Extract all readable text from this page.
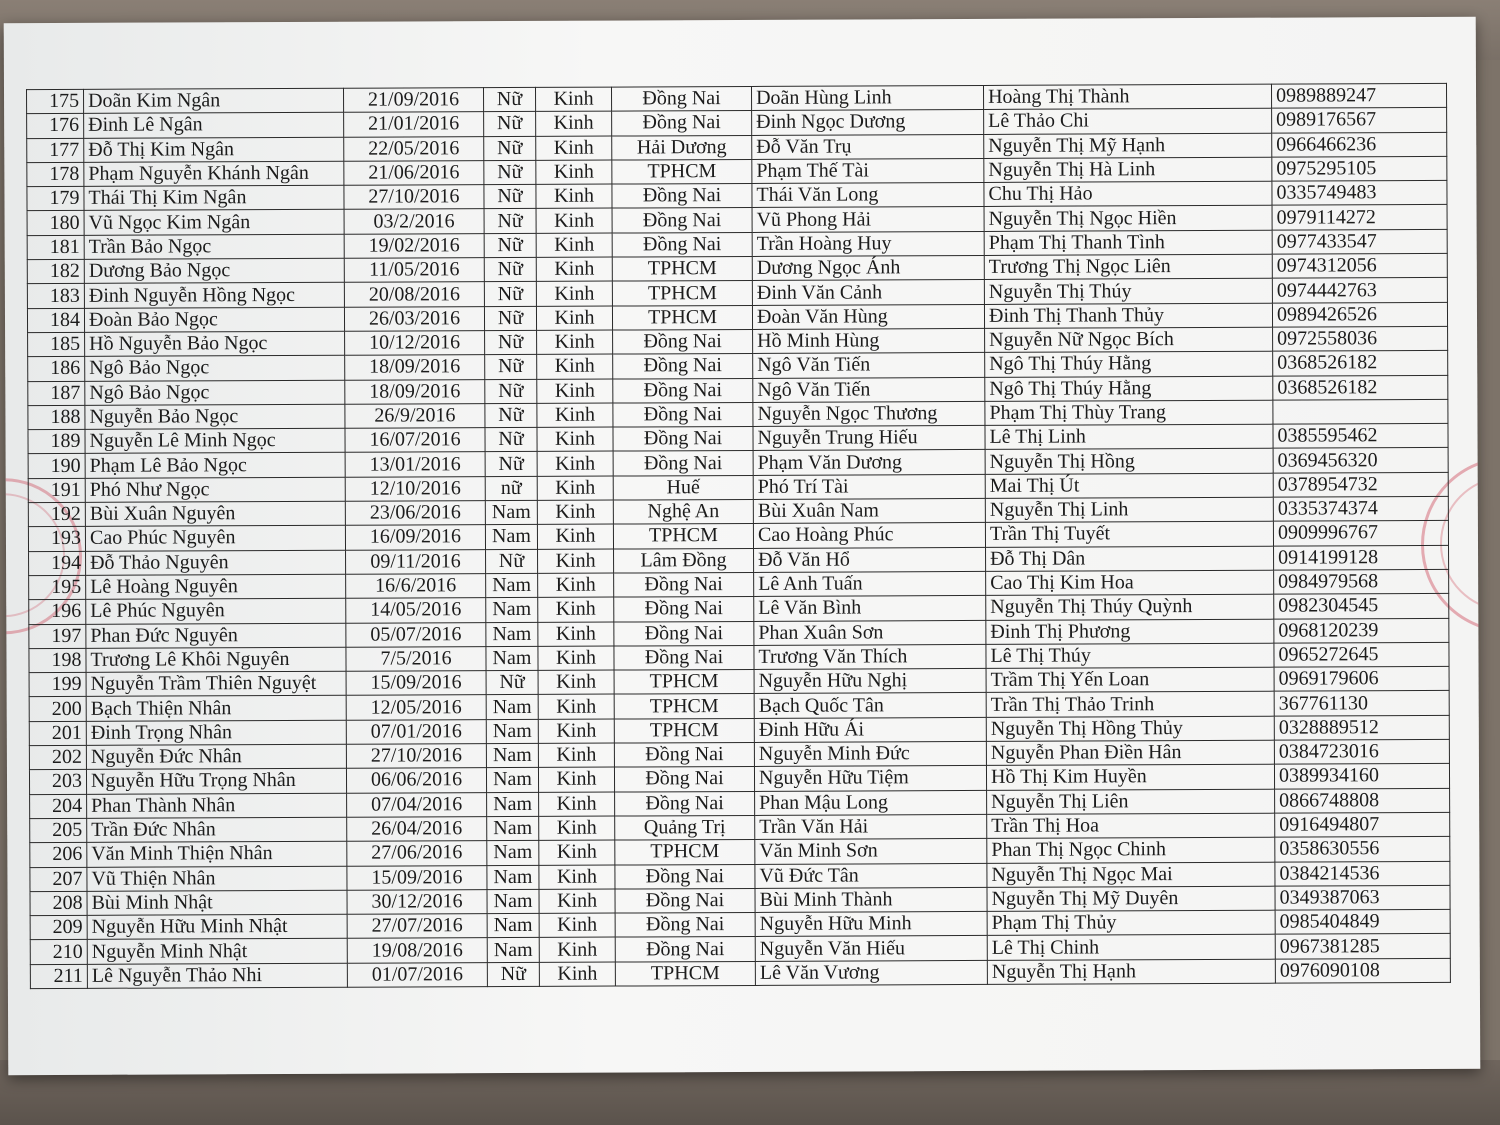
175	Doãn Kim Ngân	21/09/2016	Nữ	Kinh	Đồng Nai	Doãn Hùng Linh	Hoàng Thị Thành	0989889247
176	Đinh Lê Ngân	21/01/2016	Nữ	Kinh	Đồng Nai	Đinh Ngọc Dương	Lê Thảo Chi	0989176567
177	Đỗ Thị Kim Ngân	22/05/2016	Nữ	Kinh	Hải Dương	Đỗ Văn Trụ	Nguyễn Thị Mỹ Hạnh	0966466236
178	Phạm Nguyễn Khánh Ngân	21/06/2016	Nữ	Kinh	TPHCM	Phạm Thế Tài	Nguyễn Thị Hà Linh	0975295105
179	Thái Thị Kim Ngân	27/10/2016	Nữ	Kinh	Đồng Nai	Thái Văn Long	Chu Thị Hảo	0335749483
180	Vũ Ngọc Kim Ngân	03/2/2016	Nữ	Kinh	Đồng Nai	Vũ Phong Hải	Nguyễn Thị Ngọc Hiền	0979114272
181	Trần Bảo Ngọc	19/02/2016	Nữ	Kinh	Đồng Nai	Trần Hoàng Huy	Phạm Thị Thanh Tình	0977433547
182	Dương Bảo Ngọc	11/05/2016	Nữ	Kinh	TPHCM	Dương Ngọc Ánh	Trương Thị Ngọc Liên	0974312056
183	Đinh Nguyễn Hồng Ngọc	20/08/2016	Nữ	Kinh	TPHCM	Đinh Văn Cảnh	Nguyễn Thị Thúy	0974442763
184	Đoàn Bảo Ngọc	26/03/2016	Nữ	Kinh	TPHCM	Đoàn Văn Hùng	Đinh Thị Thanh Thủy	0989426526
185	Hồ Nguyễn Bảo Ngọc	10/12/2016	Nữ	Kinh	Đồng Nai	Hồ Minh Hùng	Nguyễn Nữ Ngọc Bích	0972558036
186	Ngô Bảo Ngọc	18/09/2016	Nữ	Kinh	Đồng Nai	Ngô Văn Tiến	Ngô Thị Thúy Hằng	0368526182
187	Ngô Bảo Ngọc	18/09/2016	Nữ	Kinh	Đồng Nai	Ngô Văn Tiến	Ngô Thị Thúy Hằng	0368526182
188	Nguyễn Bảo Ngọc	26/9/2016	Nữ	Kinh	Đồng Nai	Nguyễn Ngọc Thương	Phạm Thị Thùy Trang	
189	Nguyễn Lê Minh Ngọc	16/07/2016	Nữ	Kinh	Đồng Nai	Nguyễn Trung Hiếu	Lê Thị Linh	0385595462
190	Phạm Lê Bảo Ngọc	13/01/2016	Nữ	Kinh	Đồng Nai	Phạm Văn Dương	Nguyễn Thị Hồng	0369456320
191	Phó Như Ngọc	12/10/2016	nữ	Kinh	Huế	Phó Trí Tài	Mai Thị Út	0378954732
192	Bùi Xuân Nguyên	23/06/2016	Nam	Kinh	Nghệ An	Bùi Xuân Nam	Nguyễn Thị Linh	0335374374
193	Cao Phúc Nguyên	16/09/2016	Nam	Kinh	TPHCM	Cao Hoàng Phúc	Trần Thị Tuyết	0909996767
194	Đỗ Thảo Nguyên	09/11/2016	Nữ	Kinh	Lâm Đồng	Đỗ Văn Hổ	Đỗ Thị Dân	0914199128
195	Lê Hoàng Nguyên	16/6/2016	Nam	Kinh	Đồng Nai	Lê Anh Tuấn	Cao Thị Kim Hoa	0984979568
196	Lê Phúc Nguyên	14/05/2016	Nam	Kinh	Đồng Nai	Lê Văn Bình	Nguyễn Thị Thúy Quỳnh	0982304545
197	Phan Đức Nguyên	05/07/2016	Nam	Kinh	Đồng Nai	Phan Xuân Sơn	Đinh Thị Phương	0968120239
198	Trương Lê Khôi Nguyên	7/5/2016	Nam	Kinh	Đồng Nai	Trương Văn Thích	Lê Thị Thúy	0965272645
199	Nguyễn Trầm Thiên Nguyệt	15/09/2016	Nữ	Kinh	TPHCM	Nguyễn Hữu Nghị	Trầm Thị Yến Loan	0969179606
200	Bạch Thiện Nhân	12/05/2016	Nam	Kinh	TPHCM	Bạch Quốc Tân	Trần Thị Thảo Trinh	367761130
201	Đinh Trọng Nhân	07/01/2016	Nam	Kinh	TPHCM	Đinh Hữu Ái	Nguyễn Thị Hồng Thủy	0328889512
202	Nguyễn Đức Nhân	27/10/2016	Nam	Kinh	Đồng Nai	Nguyễn Minh Đức	Nguyễn Phan Điền Hân	0384723016
203	Nguyễn Hữu Trọng Nhân	06/06/2016	Nam	Kinh	Đồng Nai	Nguyễn Hữu Tiệm	Hồ Thị Kim Huyền	0389934160
204	Phan Thành Nhân	07/04/2016	Nam	Kinh	Đồng Nai	Phan Mậu Long	Nguyễn Thị Liên	0866748808
205	Trần Đức Nhân	26/04/2016	Nam	Kinh	Quảng Trị	Trần Văn Hải	Trần Thị Hoa	0916494807
206	Văn Minh Thiện Nhân	27/06/2016	Nam	Kinh	TPHCM	Văn Minh Sơn	Phan Thị Ngọc Chinh	0358630556
207	Vũ Thiện Nhân	15/09/2016	Nam	Kinh	Đồng Nai	Vũ Đức Tân	Nguyễn Thị Ngọc Mai	0384214536
208	Bùi Minh Nhật	30/12/2016	Nam	Kinh	Đồng Nai	Bùi Minh Thành	Nguyễn Thị Mỹ Duyên	0349387063
209	Nguyễn Hữu Minh Nhật	27/07/2016	Nam	Kinh	Đồng Nai	Nguyễn Hữu Minh	Phạm Thị Thủy	0985404849
210	Nguyễn Minh Nhật	19/08/2016	Nam	Kinh	Đồng Nai	Nguyễn Văn Hiếu	Lê Thị Chinh	0967381285
211	Lê Nguyễn Thảo Nhi	01/07/2016	Nữ	Kinh	TPHCM	Lê Văn Vương	Nguyễn Thị Hạnh	0976090108
